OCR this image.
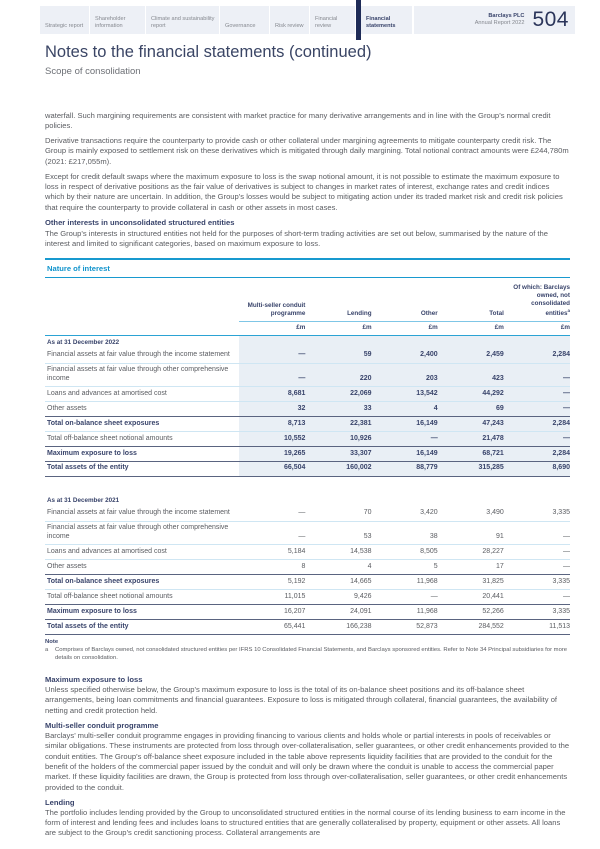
Strategic report
Shareholder information
Climate and sustainability report	Governance	Risk review
Financial review
Financial statements
Barclays PLC
Annual Report 2022 504
Notes to the financial statements (continued)
Scope of consolidation

waterfall. Such margining requirements are consistent with market practice for many derivative arrangements and in line with the Group’s normal credit policies.

Derivative transactions require the counterparty to provide cash or other collateral under margining agreements to mitigate counterparty credit risk. The Group is mainly exposed to settlement risk on these derivatives which is mitigated through daily margining. Total notional contract amounts were £244,780m (2021: £217,055m).

Except for credit default swaps where the maximum exposure to loss is the swap notional amount, it is not possible to estimate the maximum exposure to loss in respect of derivative positions as the fair value of derivatives is subject to changes in market rates of interest, exchange rates and credit indices which by their nature are uncertain. In addition, the Group’s losses would be subject to mitigating action under its traded market risk and credit risk policies that require the counterparty to provide collateral in cash or other assets in most cases.

Other interests in unconsolidated structured entities

The Group’s interests in structured entities not held for the purposes of short-term trading activities are set out below, summarised by the nature of the interest and limited to significant categories, based on maximum exposure to loss.

Nature of interest
	Multi-seller conduit programme	Lending	Other	Total	Of which: Barclays owned, not consolidated entities$^a$
	£m	£m	£m	£m	£m
As at 31 December 2022					
Financial assets at fair value through the income statement	—	59	2,400	2,459	2,284
Financial assets at fair value through other comprehensive income	—	220	203	423	—
Loans and advances at amortised cost	8,681	22,069	13,542	44,292	—
Other assets	32	33	4	69	—
Total on-balance sheet exposures	8,713	22,381	16,149	47,243	2,284
Total off-balance sheet notional amounts	10,552	10,926	—	21,478	—
Maximum exposure to loss	19,265	33,307	16,149	68,721	2,284
Total assets of the entity	66,504	160,002	88,779	315,285	8,690
As at 31 December 2021					
Financial assets at fair value through the income statement	—	70	3,420	3,490	3,335
Financial assets at fair value through other comprehensive income	—	53	38	91	—
Loans and advances at amortised cost	5,184	14,538	8,505	28,227	—
Other assets	8	4	5	17	—
Total on-balance sheet exposures	5,192	14,665	11,968	31,825	3,335
Total off-balance sheet notional amounts	11,015	9,426	—	20,441	—
Maximum exposure to loss	16,207	24,091	11,968	52,266	3,335
Total assets of the entity	65,441	166,238	52,873	284,552	11,513
Note
a	Comprises of Barclays owned, not consolidated structured entities per IFRS 10 Consolidated Financial Statements, and Barclays sponsored entities. Refer to Note 34 Principal subsidiaries for more details on consolidation.
Maximum exposure to loss

Unless specified otherwise below, the Group’s maximum exposure to loss is the total of its on-balance sheet positions and its off-balance sheet arrangements, being loan commitments and financial guarantees. Exposure to loss is mitigated through collateral, financial guarantees, the availability of netting and credit protection held.

Multi-seller conduit programme

Barclays’ multi-seller conduit programme engages in providing financing to various clients and holds whole or partial interests in pools of receivables or similar obligations. These instruments are protected from loss through over-collateralisation, seller guarantees, or other credit enhancements provided to the conduit entities. The Group’s off-balance sheet exposure included in the table above represents liquidity facilities that are provided to the conduit for the benefit of the holders of the commercial paper issued by the conduit and will only be drawn where the conduit is unable to access the commercial paper market. If these liquidity facilities are drawn, the Group is protected from loss through over-collateralisation, seller guarantees, or other credit enhancements provided to the conduit.

Lending

The portfolio includes lending provided by the Group to unconsolidated structured entities in the normal course of its lending business to earn income in the form of interest and lending fees and includes loans to structured entities that are generally collateralised by property, equipment or other assets. All loans are subject to the Group’s credit sanctioning process. Collateral arrangements are
